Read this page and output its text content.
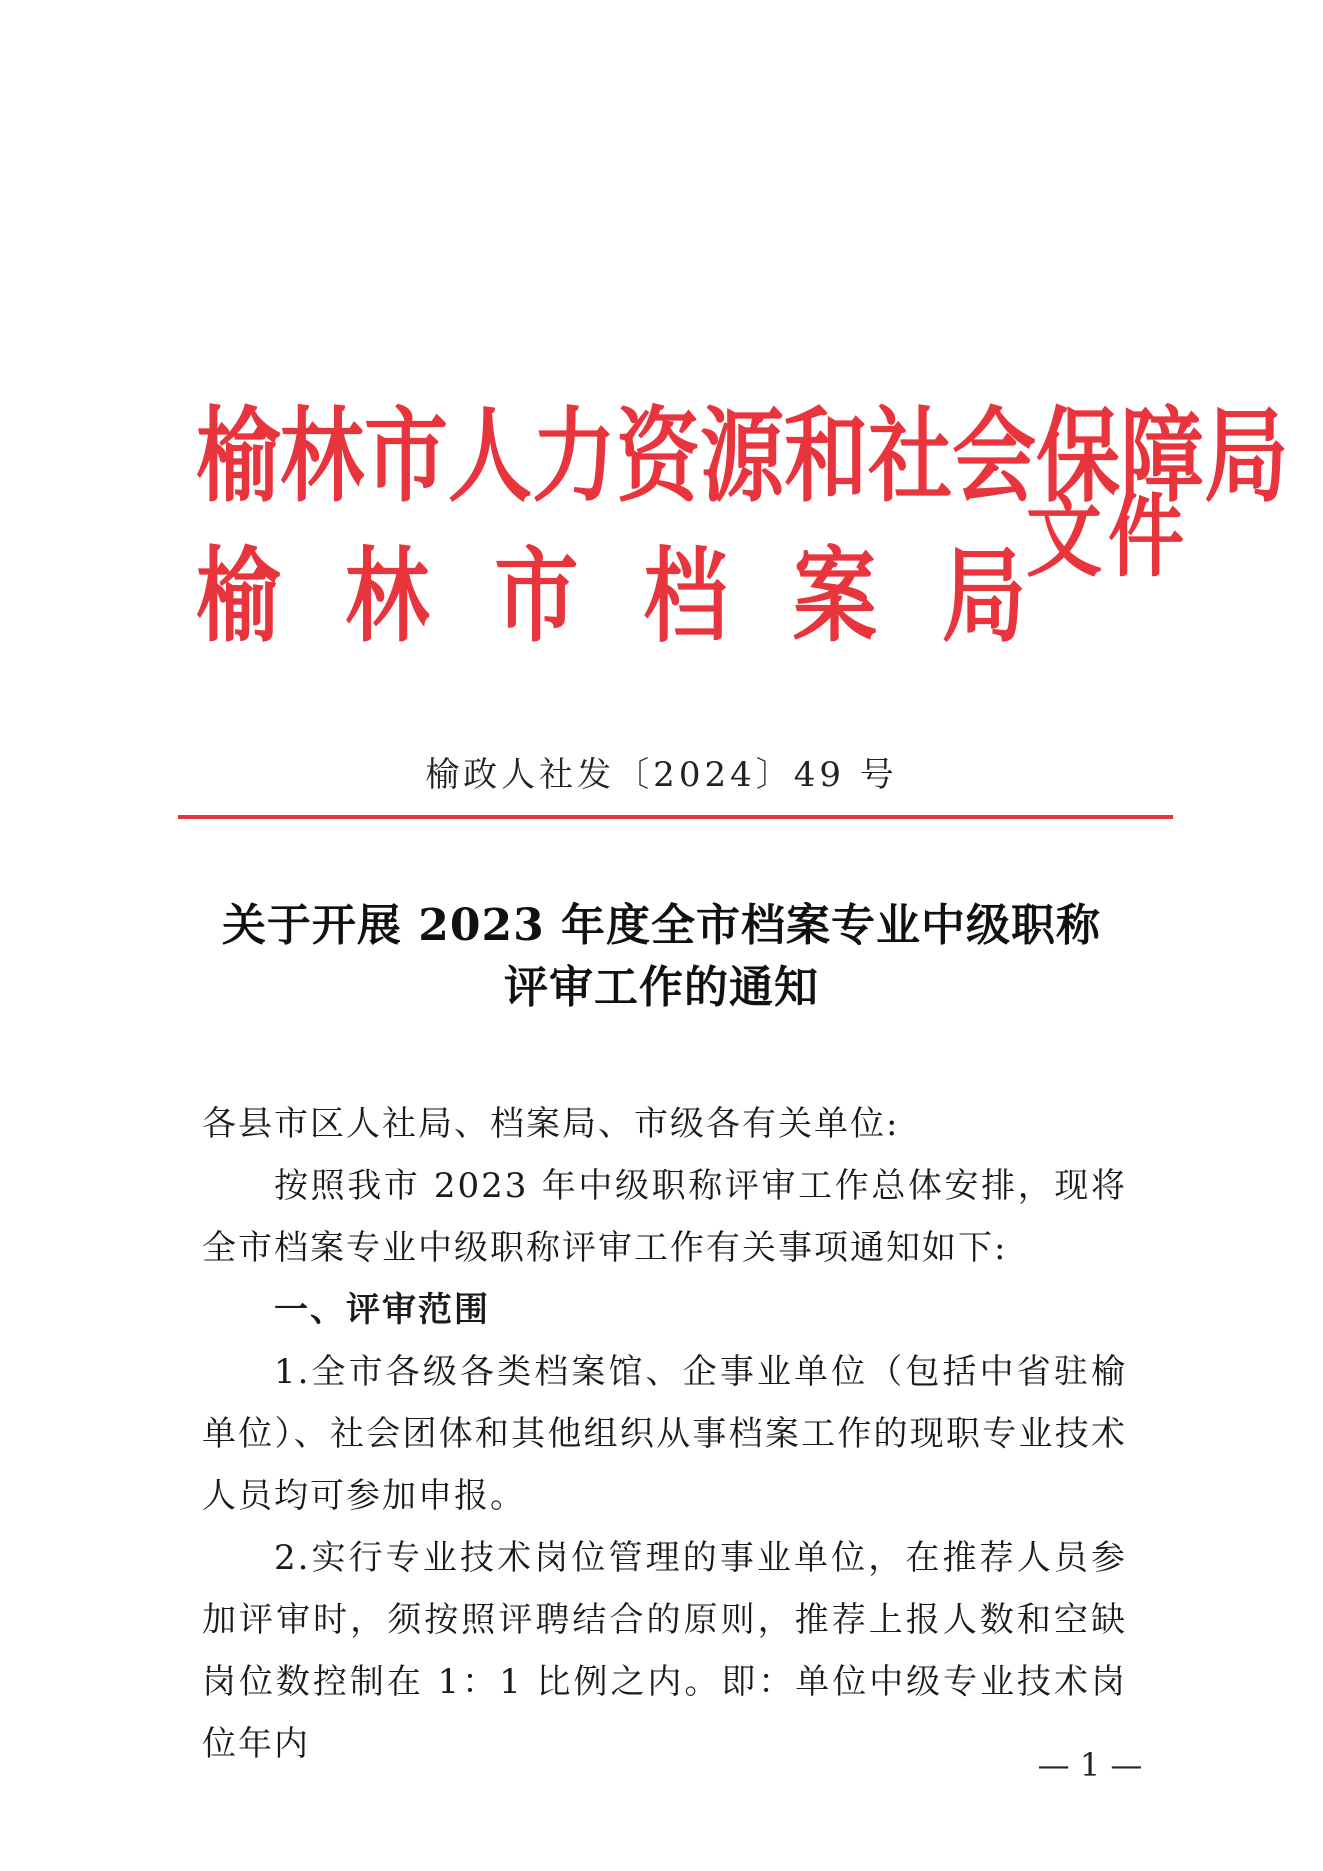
榆 林 市 人 力 资 源 和 社 会 保 障 局
榆 林 市 档 案 局
文件
榆政人社发〔2024〕49 号
关于开展 2023 年度全市档案专业中级职称
评审工作的通知

各县市区人社局、档案局、市级各有关单位:

按照我市 2023 年中级职称评审工作总体安排，现将全市档案专业中级职称评审工作有关事项通知如下:

一、评审范围

1.全市各级各类档案馆、企事业单位（包括中省驻榆单位）、社会团体和其他组织从事档案工作的现职专业技术人员均可参加申报。

2.实行专业技术岗位管理的事业单位，在推荐人员参加评审时，须按照评聘结合的原则，推荐上报人数和空缺岗位数控制在 1：1 比例之内。即：单位中级专业技术岗位年内

— 1 —
